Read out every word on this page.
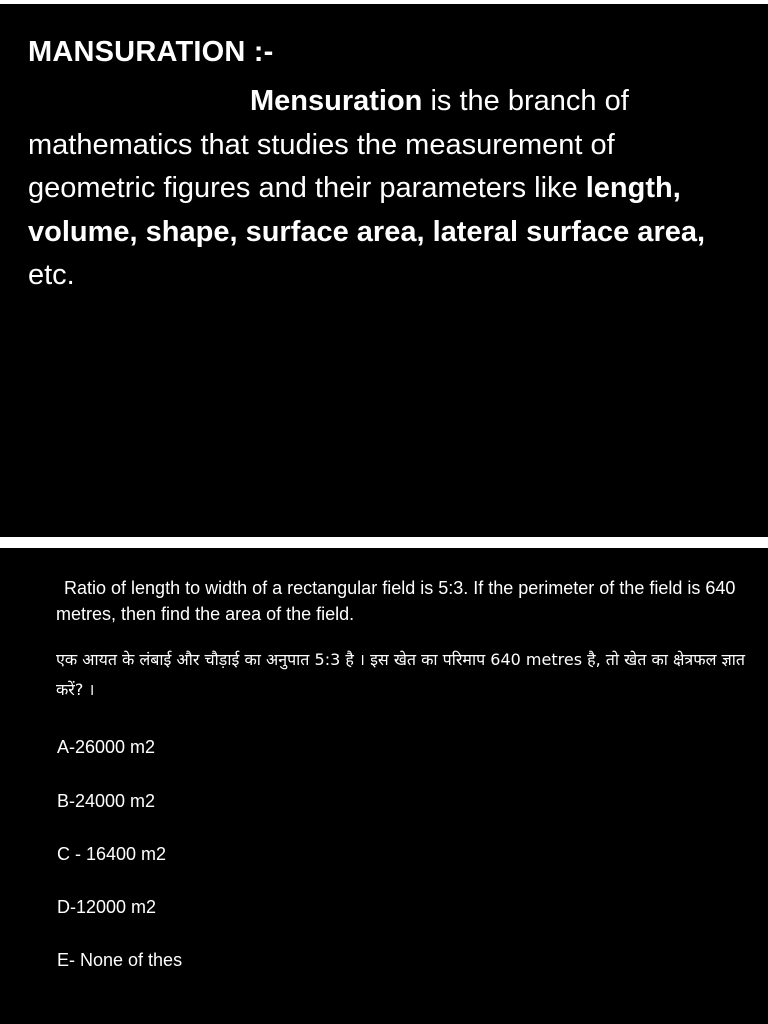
MANSURATION :-

Mensuration is the branch of mathematics that studies the measurement of geometric figures and their parameters like length, volume, shape, surface area, lateral surface area, etc.

Ratio of length to width of a rectangular field is 5:3. If the perimeter of the field is 640 metres, then find the area of the field.

एक आयत के लंबाई और चौड़ाई का अनुपात 5:3 है । इस खेत का परिमाप 640 metres है, तो खेत का क्षेत्रफल ज्ञात करें? ।

A-26000 m2

B-24000 m2

C - 16400 m2

D-12000 m2

E- None of thes
